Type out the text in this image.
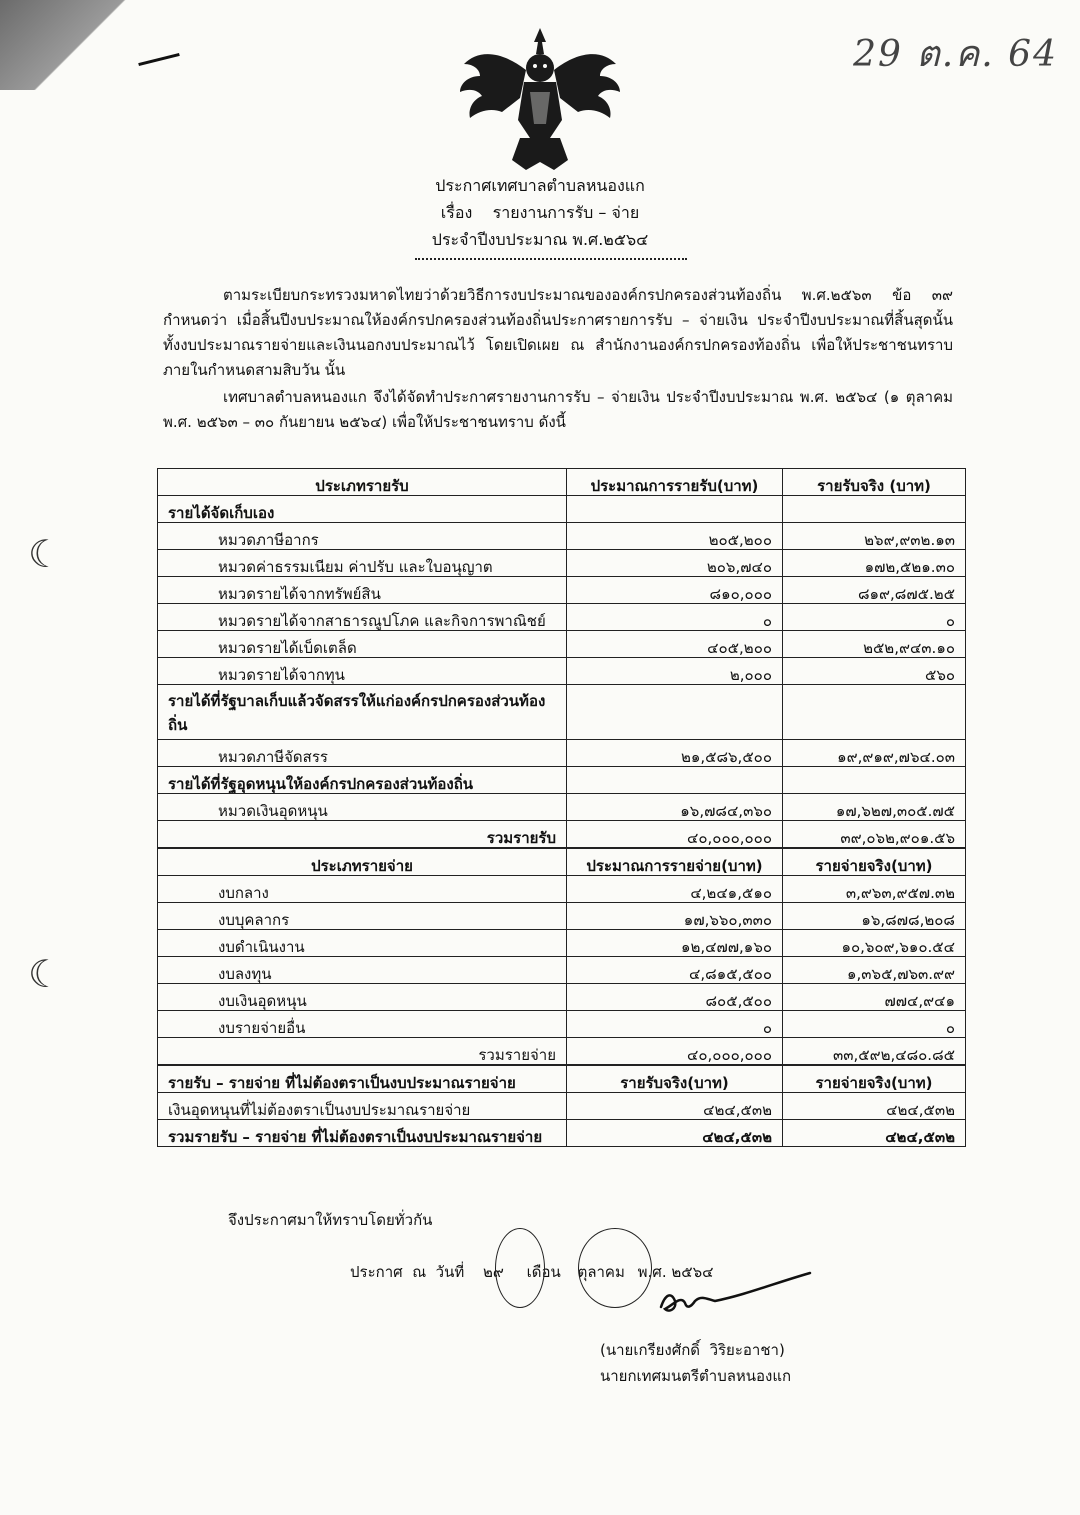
29 ต.ค. 64
☾
☾
ประกาศเทศบาลตำบลหนองแก
เรื่อง    รายงานการรับ – จ่าย
ประจำปีงบประมาณ พ.ศ.๒๕๖๔

ตามระเบียบกระทรวงมหาดไทยว่าด้วยวิธีการงบประมาณขององค์กรปกครองส่วนท้องถิ่น พ.ศ.๒๕๖๓ ข้อ ๓๙ กำหนดว่า เมื่อสิ้นปีงบประมาณให้องค์กรปกครองส่วนท้องถิ่นประกาศรายการรับ – จ่ายเงิน ประจำปีงบประมาณที่สิ้นสุดนั้น ทั้งงบประมาณรายจ่ายและเงินนอกงบประมาณไว้ โดยเปิดเผย ณ สำนักงานองค์กรปกครองท้องถิ่น เพื่อให้ประชาชนทราบภายในกำหนดสามสิบวัน นั้น

เทศบาลตำบลหนองแก จึงได้จัดทำประกาศรายงานการรับ – จ่ายเงิน ประจำปีงบประมาณ พ.ศ. ๒๕๖๔ (๑ ตุลาคม พ.ศ. ๒๕๖๓ – ๓๐ กันยายน ๒๕๖๔) เพื่อให้ประชาชนทราบ ดังนี้

ประเภทรายรับ	ประมาณการรายรับ(บาท)	รายรับจริง (บาท)
รายได้จัดเก็บเอง		
หมวดภาษีอากร	๒๐๕,๒๐๐	๒๖๙,๙๓๒.๑๓
หมวดค่าธรรมเนียม ค่าปรับ และใบอนุญาต	๒๐๖,๗๔๐	๑๗๒,๕๒๑.๓๐
หมวดรายได้จากทรัพย์สิน	๘๑๐,๐๐๐	๘๑๙,๘๗๕.๒๕
หมวดรายได้จากสาธารณูปโภค และกิจการพาณิชย์	๐	๐
หมวดรายได้เบ็ดเตล็ด	๔๐๕,๒๐๐	๒๕๒,๙๔๓.๑๐
หมวดรายได้จากทุน	๒,๐๐๐	๕๖๐
รายได้ที่รัฐบาลเก็บแล้วจัดสรรให้แก่องค์กรปกครองส่วนท้องถิ่น		
หมวดภาษีจัดสรร	๒๑,๕๘๖,๕๐๐	๑๙,๙๑๙,๗๖๔.๐๓
รายได้ที่รัฐอุดหนุนให้องค์กรปกครองส่วนท้องถิ่น		
หมวดเงินอุดหนุน	๑๖,๗๘๔,๓๖๐	๑๗,๖๒๗,๓๐๕.๗๕
รวมรายรับ	๔๐,๐๐๐,๐๐๐	๓๙,๐๖๒,๙๐๑.๕๖
ประเภทรายจ่าย	ประมาณการรายจ่าย(บาท)	รายจ่ายจริง(บาท)
งบกลาง	๔,๒๔๑,๕๑๐	๓,๙๖๓,๙๕๗.๓๒
งบบุคลากร	๑๗,๖๖๐,๓๓๐	๑๖,๘๗๘,๒๐๘
งบดำเนินงาน	๑๒,๔๗๗,๑๖๐	๑๐,๖๐๙,๖๑๐.๕๔
งบลงทุน	๔,๘๑๕,๕๐๐	๑,๓๖๕,๗๖๓.๙๙
งบเงินอุดหนุน	๘๐๕,๕๐๐	๗๗๔,๙๔๑
งบรายจ่ายอื่น	๐	๐
รวมรายจ่าย	๔๐,๐๐๐,๐๐๐	๓๓,๕๙๒,๔๘๐.๘๕
รายรับ – รายจ่าย ที่ไม่ต้องตราเป็นงบประมาณรายจ่าย	รายรับจริง(บาท)	รายจ่ายจริง(บาท)
เงินอุดหนุนที่ไม่ต้องตราเป็นงบประมาณรายจ่าย	๔๒๔,๕๓๒	๔๒๔,๕๓๒
รวมรายรับ – รายจ่าย ที่ไม่ต้องตราเป็นงบประมาณรายจ่าย	๔๒๔,๕๓๒	๔๒๔,๕๓๒
จึงประกาศมาให้ทราบโดยทั่วกัน
ประกาศ  ณ  วันที่ ๒๙ เดือน ตุลาคม พ.ศ. ๒๕๖๔
(นายเกรียงศักดิ์  วิริยะอาชา)
นายกเทศมนตรีตำบลหนองแก
